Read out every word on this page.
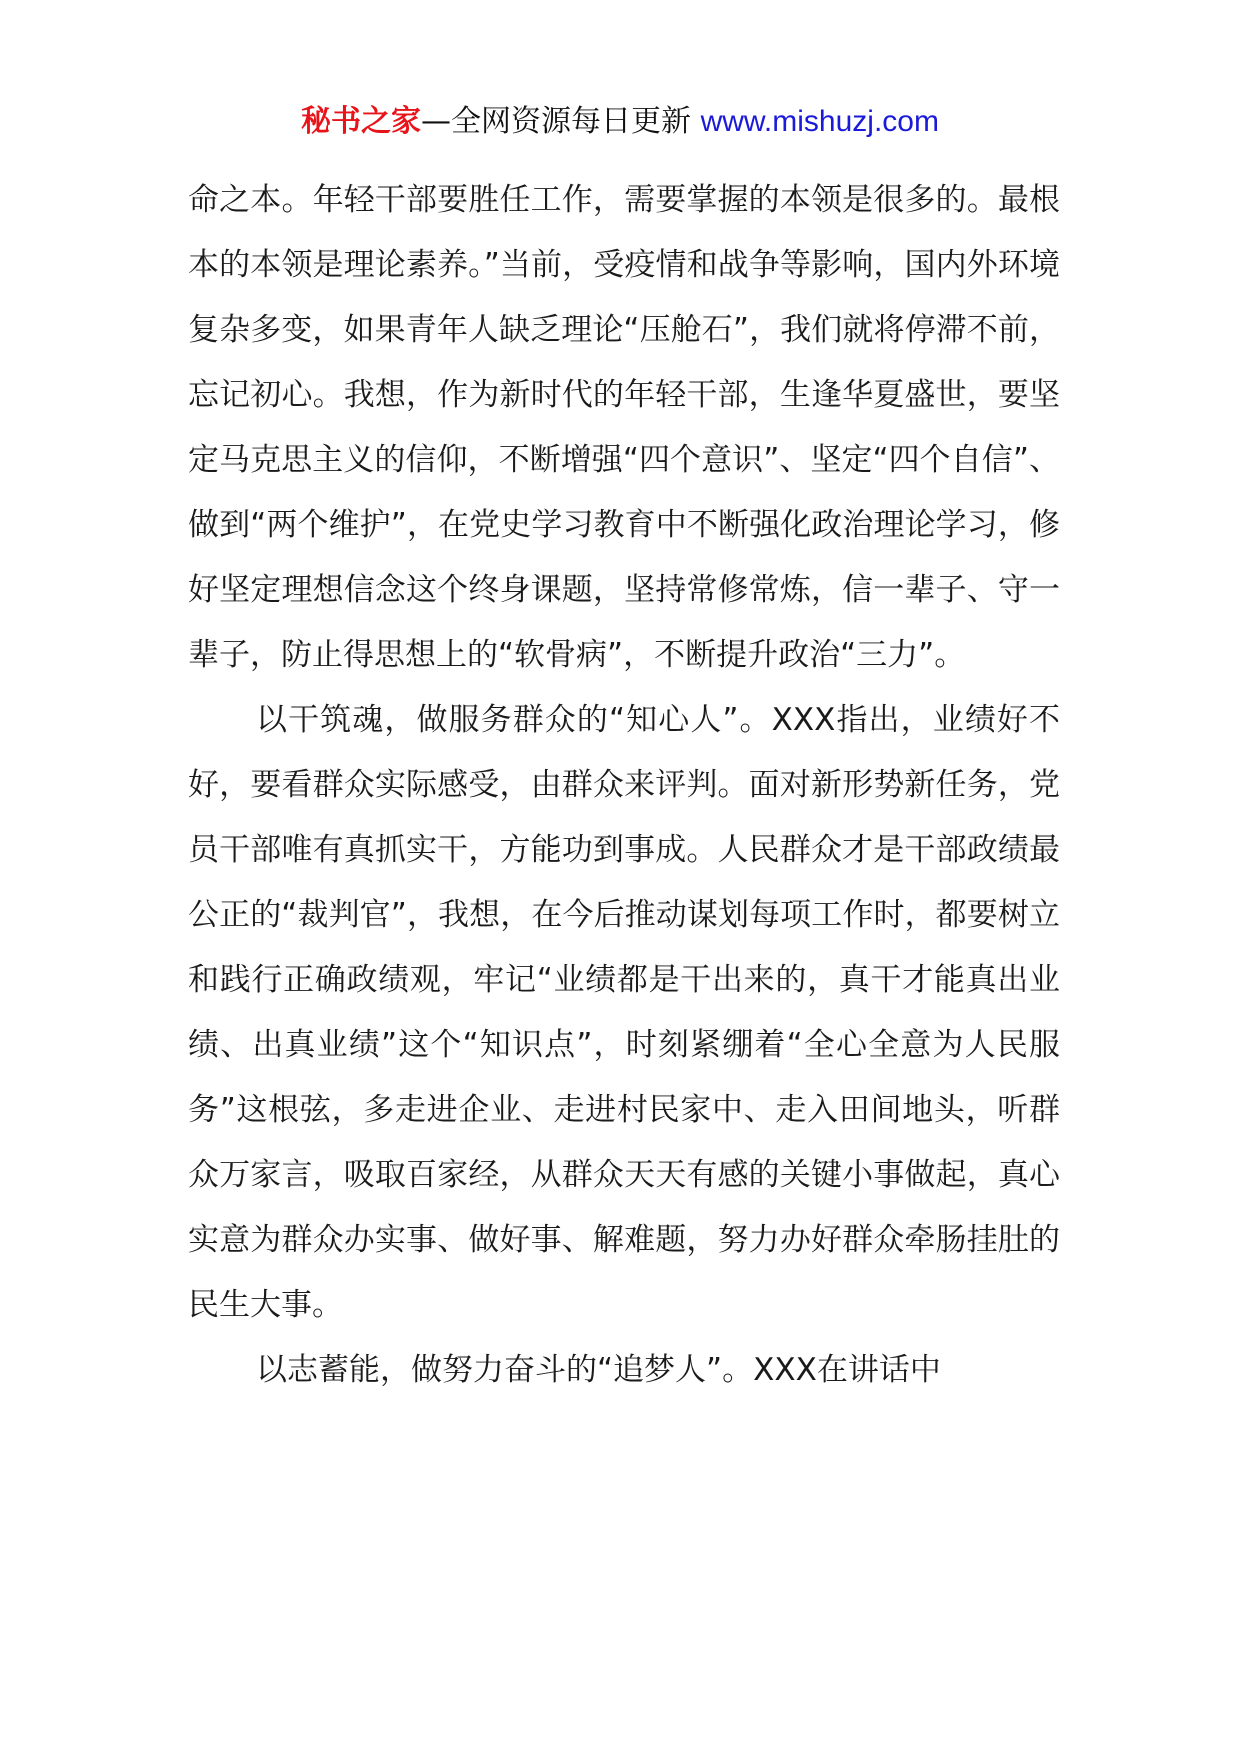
秘书之家—全网资源每日更新 www.mishuzj.com

命之本。年轻干部要胜任工作，需要掌握的本领是很多的。最根本的本领是理论素养。”当前，受疫情和战争等影响，国内外环境复杂多变，如果青年人缺乏理论“压舱石”，我们就将停滞不前，忘记初心。我想，作为新时代的年轻干部，生逢华夏盛世，要坚定马克思主义的信仰，不断增强“四个意识”、坚定“四个自信”、做到“两个维护”，在党史学习教育中不断强化政治理论学习，修好坚定理想信念这个终身课题，坚持常修常炼，信一辈子、守一辈子，防止得思想上的“软骨病”，不断提升政治“三力”。

以干筑魂，做服务群众的“知心人”。XXX指出，业绩好不好，要看群众实际感受，由群众来评判。面对新形势新任务，党员干部唯有真抓实干，方能功到事成。人民群众才是干部政绩最公正的“裁判官”，我想，在今后推动谋划每项工作时，都要树立和践行正确政绩观，牢记“业绩都是干出来的，真干才能真出业绩、出真业绩”这个“知识点”，时刻紧绷着“全心全意为人民服务”这根弦，多走进企业、走进村民家中、走入田间地头，听群众万家言，吸取百家经，从群众天天有感的关键小事做起，真心实意为群众办实事、做好事、解难题，努力办好群众牵肠挂肚的民生大事。

以志蓄能，做努力奋斗的“追梦人”。XXX在讲话中
